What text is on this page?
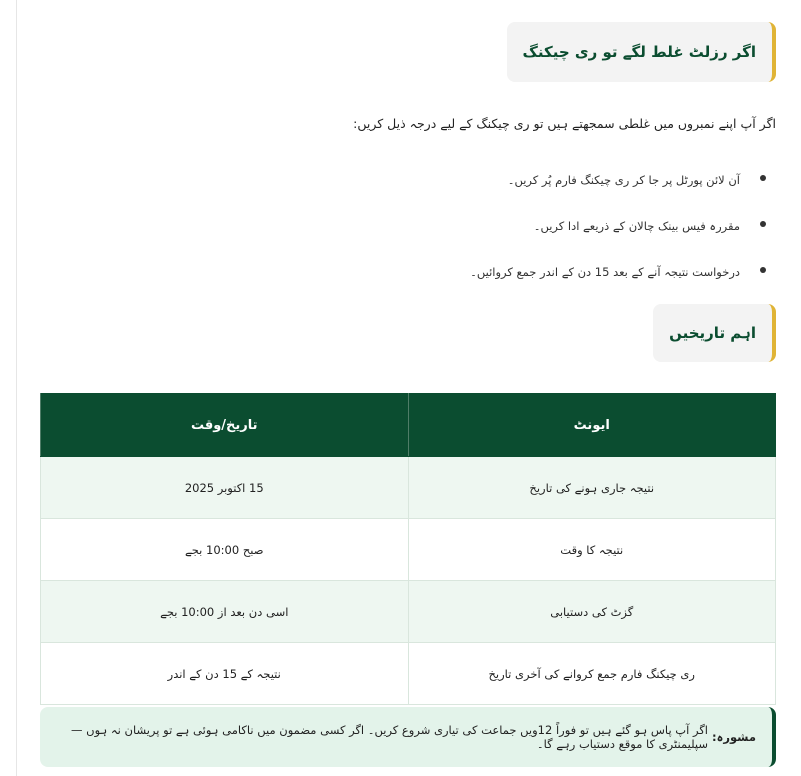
اگر رزلٹ غلط لگے تو ری چیکنگ

اگر آپ اپنے نمبروں میں غلطی سمجھتے ہیں تو ری چیکنگ کے لیے درجہ ذیل کریں:

آن لائن پورٹل پر جا کر ری چیکنگ فارم پُر کریں۔
مقررہ فیس بینک چالان کے ذریعے ادا کریں۔
درخواست نتیجہ آنے کے بعد 15 دن کے اندر جمع کروائیں۔
اہم تاریخیں
ایونٹ	تاریخ/وقت
نتیجہ جاری ہونے کی تاریخ	15 اکتوبر 2025
نتیجہ کا وقت	صبح 10:00 بجے
گزٹ کی دستیابی	اسی دن بعد از 10:00 بجے
ری چیکنگ فارم جمع کروانے کی آخری تاریخ	نتیجہ کے 15 دن کے اندر
مشورہ:
اگر آپ پاس ہو گئے ہیں تو فوراً 12ویں جماعت کی تیاری شروع کریں۔ اگر کسی مضمون میں ناکامی ہوئی ہے تو پریشان نہ ہوں — سپلیمنٹری کا موقع دستیاب رہے گا۔
